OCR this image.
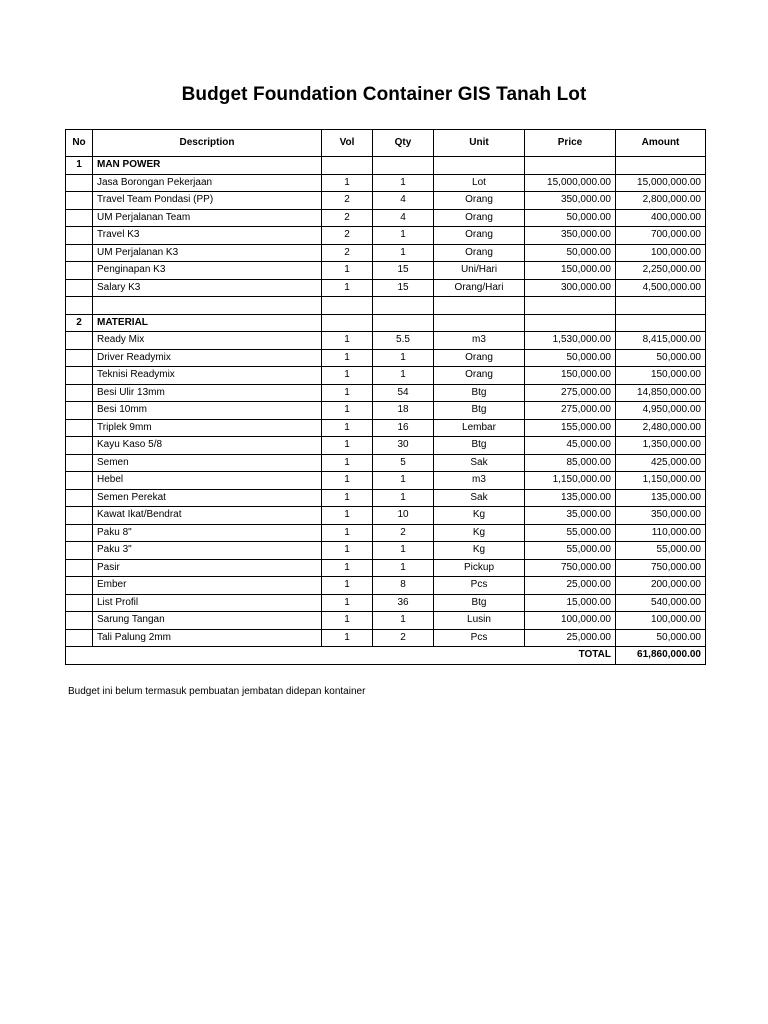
Budget Foundation Container GIS Tanah Lot
No	Description	Vol	Qty	Unit	Price	Amount
1	MAN POWER					
	Jasa Borongan Pekerjaan	1	1	Lot	15,000,000.00	15,000,000.00
	Travel Team Pondasi (PP)	2	4	Orang	350,000.00	2,800,000.00
	UM Perjalanan Team	2	4	Orang	50,000.00	400,000.00
	Travel K3	2	1	Orang	350,000.00	700,000.00
	UM Perjalanan K3	2	1	Orang	50,000.00	100,000.00
	Penginapan K3	1	15	Uni/Hari	150,000.00	2,250,000.00
	Salary K3	1	15	Orang/Hari	300,000.00	4,500,000.00

2	MATERIAL					
	Ready Mix	1	5.5	m3	1,530,000.00	8,415,000.00
	Driver Readymix	1	1	Orang	50,000.00	50,000.00
	Teknisi Readymix	1	1	Orang	150,000.00	150,000.00
	Besi Ulir 13mm	1	54	Btg	275,000.00	14,850,000.00
	Besi 10mm	1	18	Btg	275,000.00	4,950,000.00
	Triplek 9mm	1	16	Lembar	155,000.00	2,480,000.00
	Kayu Kaso 5/8	1	30	Btg	45,000.00	1,350,000.00
	Semen	1	5	Sak	85,000.00	425,000.00
	Hebel	1	1	m3	1,150,000.00	1,150,000.00
	Semen Perekat	1	1	Sak	135,000.00	135,000.00
	Kawat Ikat/Bendrat	1	10	Kg	35,000.00	350,000.00
	Paku 8"	1	2	Kg	55,000.00	110,000.00
	Paku 3"	1	1	Kg	55,000.00	55,000.00
	Pasir	1	1	Pickup	750,000.00	750,000.00
	Ember	1	8	Pcs	25,000.00	200,000.00
	List Profil	1	36	Btg	15,000.00	540,000.00
	Sarung Tangan	1	1	Lusin	100,000.00	100,000.00
	Tali Palung 2mm	1	2	Pcs	25,000.00	50,000.00
TOTAL						61,860,000.00
Budget ini belum termasuk pembuatan jembatan didepan kontainer
